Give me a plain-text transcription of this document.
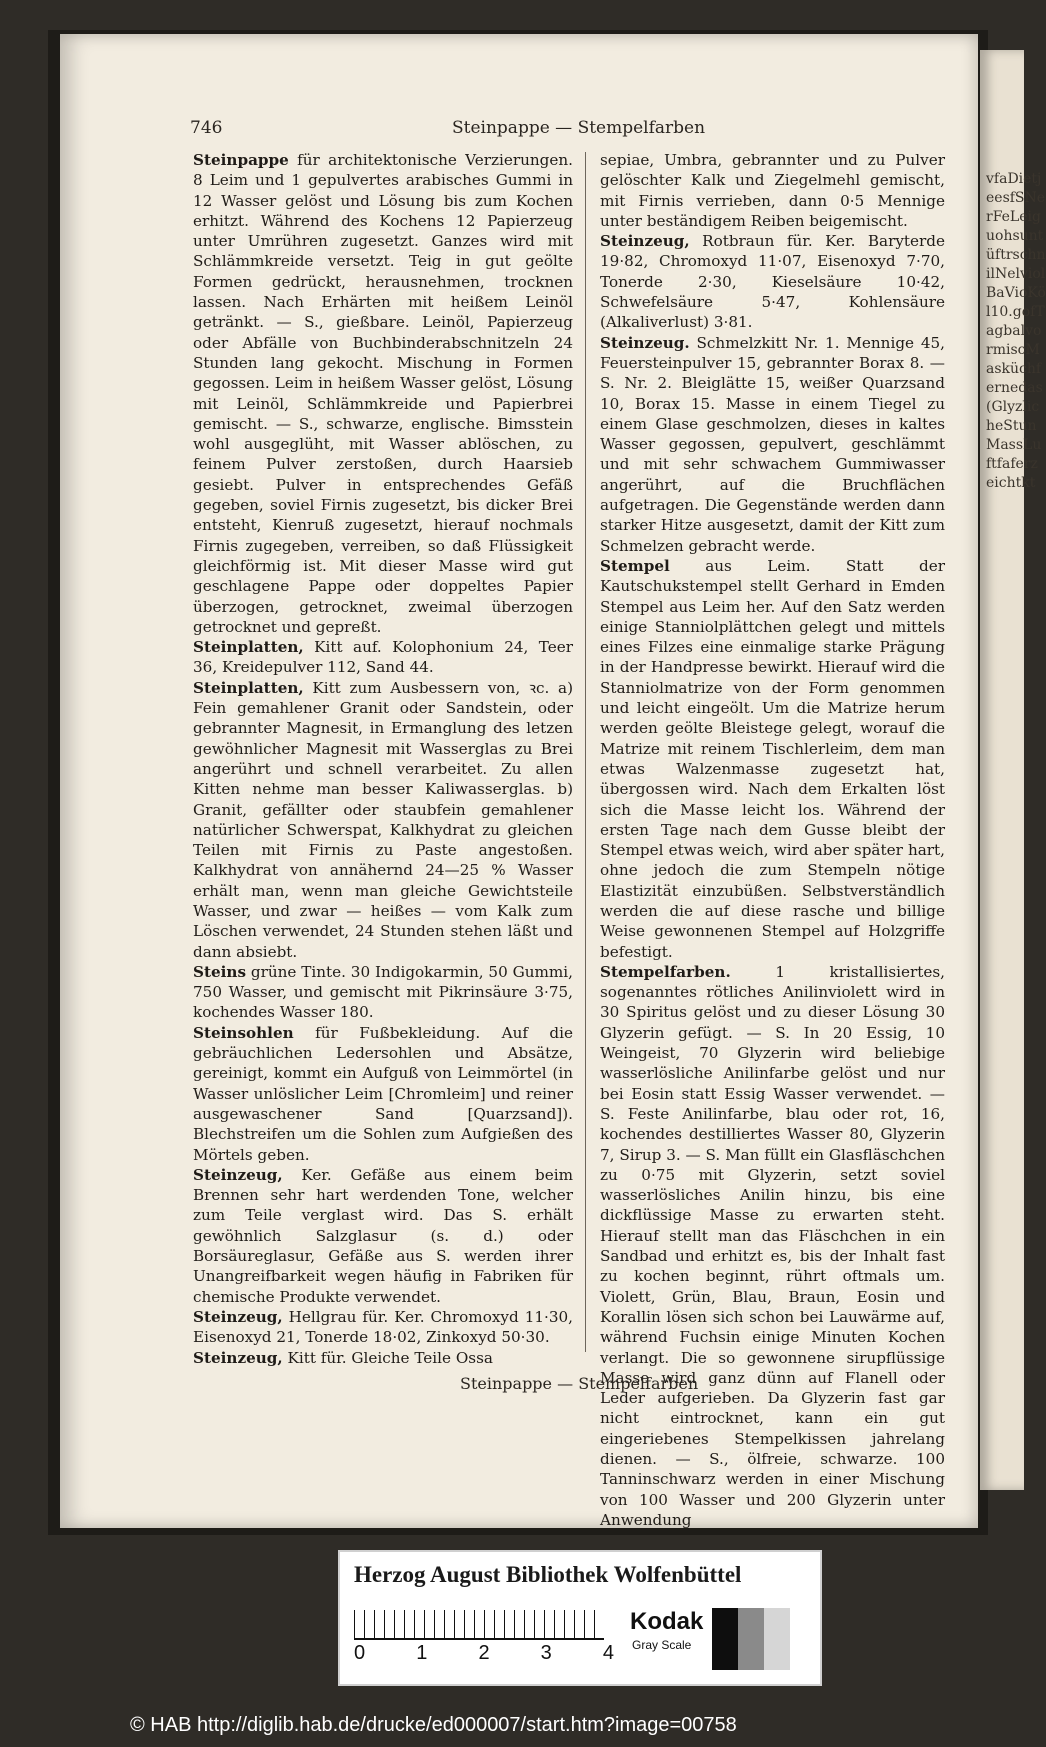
vfaDietjeesfSNerFeLeiguohsuntüftrschnilNelviolBaVioKöl10.gofTagbalvormiscMasküchfernedas(GlyzlicheStunMassLuftfaferzeichtkt
746	Steinpappe — Stempelfarben

Steinpappe für architektonische Verzierungen. 8 Leim und 1 gepulvertes arabisches Gummi in 12 Wasser gelöst und Lösung bis zum Kochen erhitzt. Während des Kochens 12 Papierzeug unter Umrühren zugesetzt. Ganzes wird mit Schlämmkreide versetzt. Teig in gut geölte Formen gedrückt, herausnehmen, trocknen lassen. Nach Erhärten mit heißem Leinöl getränkt. — S., gießbare. Leinöl, Papierzeug oder Abfälle von Buchbinderabschnitzeln 24 Stunden lang gekocht. Mischung in Formen gegossen. Leim in heißem Wasser gelöst, Lösung mit Leinöl, Schlämmkreide und Papierbrei gemischt. — S., schwarze, englische. Bimsstein wohl ausgeglüht, mit Wasser ablöschen, zu feinem Pulver zerstoßen, durch Haarsieb gesiebt. Pulver in entsprechendes Gefäß gegeben, soviel Firnis zugesetzt, bis dicker Brei entsteht, Kienruß zugesetzt, hierauf nochmals Firnis zugegeben, verreiben, so daß Flüssigkeit gleichförmig ist. Mit dieser Masse wird gut geschlagene Pappe oder doppeltes Papier überzogen, getrocknet, zweimal überzogen getrocknet und gepreßt.

Steinplatten, Kitt auf. Kolophonium 24, Teer 36, Kreidepulver 112, Sand 44.

Steinplatten, Kitt zum Ausbessern von, ꝛc. a) Fein gemahlener Granit oder Sandstein, oder gebrannter Magnesit, in Ermanglung des letzen gewöhnlicher Magnesit mit Wasserglas zu Brei angerührt und schnell verarbeitet. Zu allen Kitten nehme man besser Kaliwasserglas. b) Granit, gefällter oder staubfein gemahlener natürlicher Schwerspat, Kalkhydrat zu gleichen Teilen mit Firnis zu Paste angestoßen. Kalkhydrat von annähernd 24—25 % Wasser erhält man, wenn man gleiche Gewichtsteile Wasser, und zwar — heißes — vom Kalk zum Löschen verwendet, 24 Stunden stehen läßt und dann absiebt.

Steins grüne Tinte. 30 Indigokarmin, 50 Gummi, 750 Wasser, und gemischt mit Pikrinsäure 3·75, kochendes Wasser 180.

Steinsohlen für Fußbekleidung. Auf die gebräuchlichen Ledersohlen und Absätze, gereinigt, kommt ein Aufguß von Leimmörtel (in Wasser unlöslicher Leim [Chromleim] und reiner ausgewaschener Sand [Quarzsand]). Blechstreifen um die Sohlen zum Aufgießen des Mörtels geben.

Steinzeug, Ker. Gefäße aus einem beim Brennen sehr hart werdenden Tone, welcher zum Teile verglast wird. Das S. erhält gewöhnlich Salzglasur (s. d.) oder Borsäureglasur, Gefäße aus S. werden ihrer Unangreifbarkeit wegen häufig in Fabriken für chemische Produkte verwendet.

Steinzeug, Hellgrau für. Ker. Chromoxyd 11·30, Eisenoxyd 21, Tonerde 18·02, Zinkoxyd 50·30.

Steinzeug, Kitt für. Gleiche Teile Ossa

sepiae, Umbra, gebrannter und zu Pulver gelöschter Kalk und Ziegelmehl gemischt, mit Firnis verrieben, dann 0·5 Mennige unter beständigem Reiben beigemischt.

Steinzeug, Rotbraun für. Ker. Baryterde 19·82, Chromoxyd 11·07, Eisenoxyd 7·70, Tonerde 2·30, Kieselsäure 10·42, Schwefelsäure 5·47, Kohlensäure (Alkaliverlust) 3·81.

Steinzeug. Schmelzkitt Nr. 1. Mennige 45, Feuersteinpulver 15, gebrannter Borax 8. — S. Nr. 2. Bleiglätte 15, weißer Quarzsand 10, Borax 15. Masse in einem Tiegel zu einem Glase geschmolzen, dieses in kaltes Wasser gegossen, gepulvert, geschlämmt und mit sehr schwachem Gummiwasser angerührt, auf die Bruchflächen aufgetragen. Die Gegenstände werden dann starker Hitze ausgesetzt, damit der Kitt zum Schmelzen gebracht werde.

Stempel aus Leim. Statt der Kautschukstempel stellt Gerhard in Emden Stempel aus Leim her. Auf den Satz werden einige Stanniolplättchen gelegt und mittels eines Filzes eine einmalige starke Prägung in der Handpresse bewirkt. Hierauf wird die Stanniolmatrize von der Form genommen und leicht eingeölt. Um die Matrize herum werden geölte Bleistege gelegt, worauf die Matrize mit reinem Tischlerleim, dem man etwas Walzenmasse zugesetzt hat, übergossen wird. Nach dem Erkalten löst sich die Masse leicht los. Während der ersten Tage nach dem Gusse bleibt der Stempel etwas weich, wird aber später hart, ohne jedoch die zum Stempeln nötige Elastizität einzubüßen. Selbstverständlich werden die auf diese rasche und billige Weise gewonnenen Stempel auf Holzgriffe befestigt.

Stempelfarben. 1 kristallisiertes, sogenanntes rötliches Anilinviolett wird in 30 Spiritus gelöst und zu dieser Lösung 30 Glyzerin gefügt. — S. In 20 Essig, 10 Weingeist, 70 Glyzerin wird beliebige wasserlösliche Anilinfarbe gelöst und nur bei Eosin statt Essig Wasser verwendet. — S. Feste Anilinfarbe, blau oder rot, 16, kochendes destilliertes Wasser 80, Glyzerin 7, Sirup 3. — S. Man füllt ein Glasfläschchen zu 0·75 mit Glyzerin, setzt soviel wasserlösliches Anilin hinzu, bis eine dickflüssige Masse zu erwarten steht. Hierauf stellt man das Fläschchen in ein Sandbad und erhitzt es, bis der Inhalt fast zu kochen beginnt, rührt oftmals um. Violett, Grün, Blau, Braun, Eosin und Korallin lösen sich schon bei Lauwärme auf, während Fuchsin einige Minuten Kochen verlangt. Die so gewonnene sirupflüssige Masse wird ganz dünn auf Flanell oder Leder aufgerieben. Da Glyzerin fast gar nicht eintrocknet, kann ein gut eingeriebenes Stempelkissen jahrelang dienen. — S., ölfreie, schwarze. 100 Tanninschwarz werden in einer Mischung von 100 Wasser und 200 Glyzerin unter Anwendung

Steinpappe — Stempelfarben
Herzog August Bibliothek Wolfenbüttel
0	1	2	3	4
Kodak
Gray Scale
© HAB http://diglib.hab.de/drucke/ed000007/start.htm?image=00758
